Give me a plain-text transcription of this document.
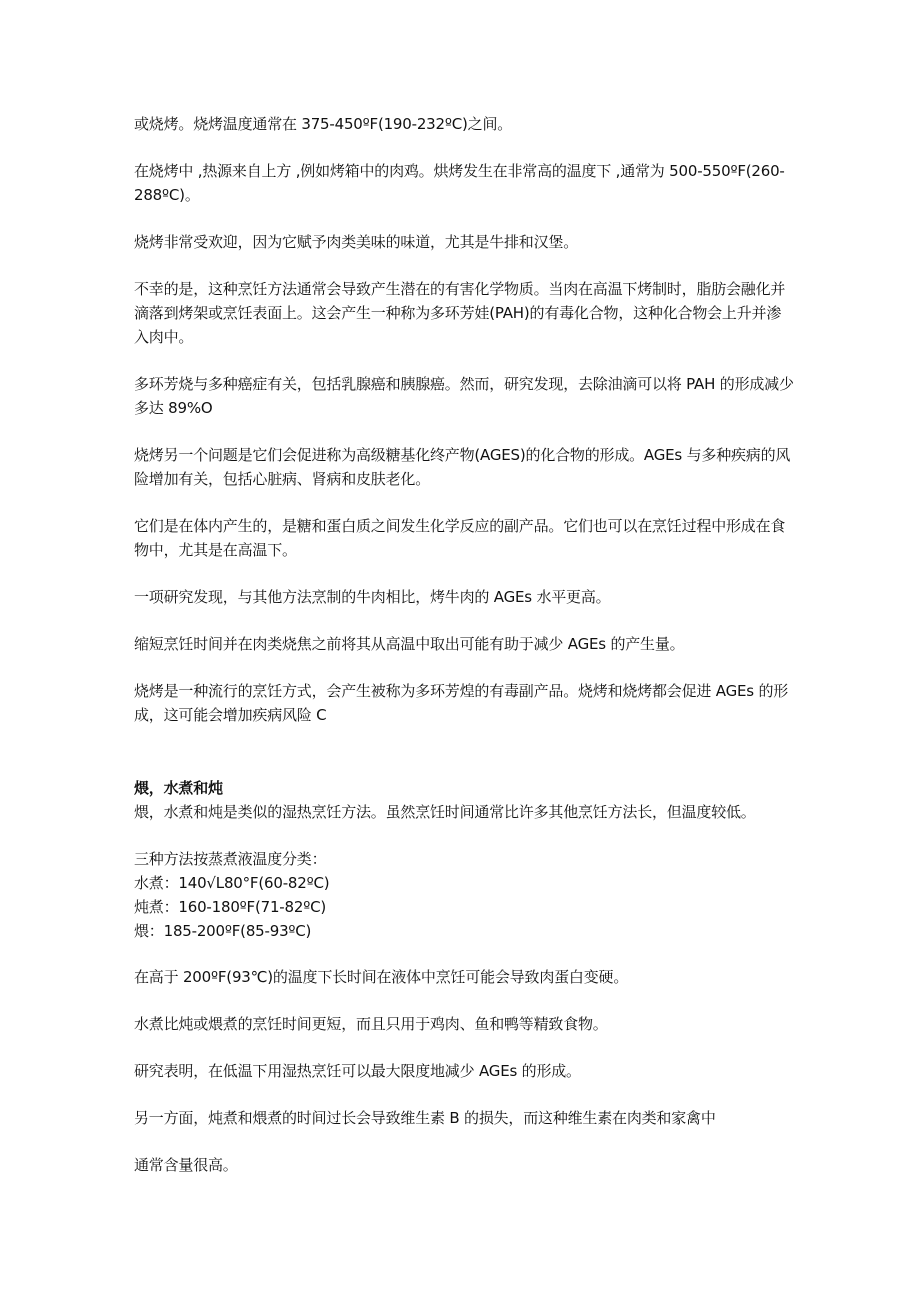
或烧烤。烧烤温度通常在 375-450ºF(190-232ºC)之间。

在烧烤中 ,热源来自上方 ,例如烤箱中的肉鸡。烘烤发生在非常高的温度下 ,通常为 500-550ºF(260-288ºC)。

烧烤非常受欢迎，因为它赋予肉类美味的味道，尤其是牛排和汉堡。

不幸的是，这种烹饪方法通常会导致产生潜在的有害化学物质。当肉在高温下烤制时，脂肪会融化并滴落到烤架或烹饪表面上。这会产生一种称为多环芳娃(PAH)的有毒化合物，这种化合物会上升并渗入肉中。

多环芳烧与多种癌症有关，包括乳腺癌和胰腺癌。然而，研究发现，去除油滴可以将 PAH 的形成减少多达 89%O

烧烤另一个问题是它们会促进称为高级糖基化终产物(AGES)的化合物的形成。AGEs 与多种疾病的风险增加有关，包括心脏病、肾病和皮肤老化。

它们是在体内产生的，是糖和蛋白质之间发生化学反应的副产品。它们也可以在烹饪过程中形成在食物中，尤其是在高温下。

一项研究发现，与其他方法烹制的牛肉相比，烤牛肉的 AGEs 水平更高。

缩短烹饪时间并在肉类烧焦之前将其从高温中取出可能有助于减少 AGEs 的产生量。

烧烤是一种流行的烹饪方式，会产生被称为多环芳煌的有毒副产品。烧烤和烧烤都会促进 AGEs 的形成，这可能会增加疾病风险 C

煨，水煮和炖

煨，水煮和炖是类似的湿热烹饪方法。虽然烹饪时间通常比许多其他烹饪方法长，但温度较低。

三种方法按蒸煮液温度分类：

水煮：140√L80°F(60-82ºC)

炖煮：160-180ºF(71-82ºC)

煨：185-200ºF(85-93ºC)

在高于 200ºF(93℃)的温度下长时间在液体中烹饪可能会导致肉蛋白变硬。

水煮比炖或煨煮的烹饪时间更短，而且只用于鸡肉、鱼和鸭等精致食物。

研究表明，在低温下用湿热烹饪可以最大限度地减少 AGEs 的形成。

另一方面，炖煮和煨煮的时间过长会导致维生素 B 的损失，而这种维生素在肉类和家禽中

通常含量很高。
